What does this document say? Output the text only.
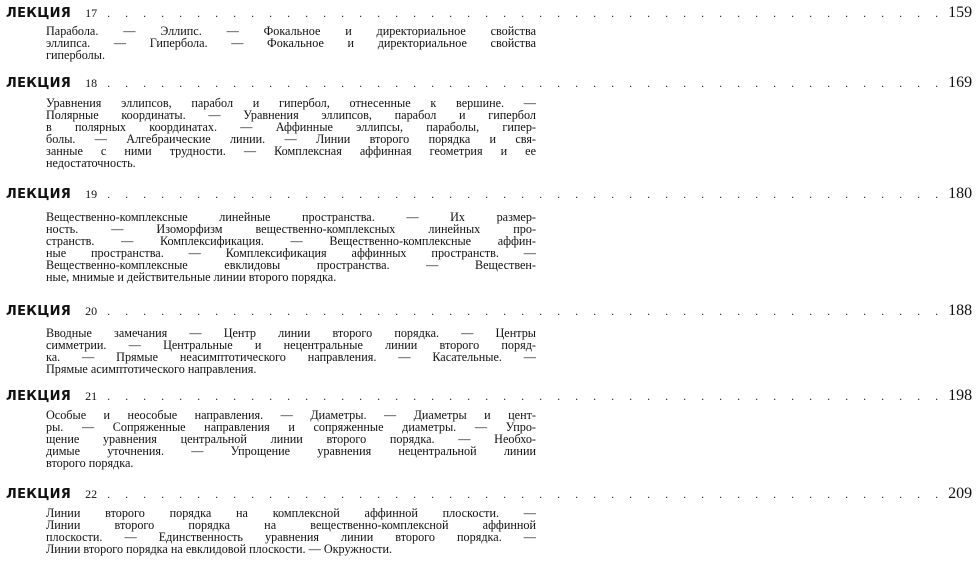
ЛЕКЦИЯ 17 . . . . . . . . . . . . . . . . . . . . . . . . . . . . . . . . . . . . . . . . . . . . . . . 159
Парабола. — Эллипс. — Фокальное и директориальное свойства
эллипса. — Гипербола. — Фокальное и директориальное свойства
гиперболы.
ЛЕКЦИЯ 18 . . . . . . . . . . . . . . . . . . . . . . . . . . . . . . . . . . . . . . . . . . . . . . . 169
Уравнения эллипсов, парабол и гипербол, отнесенные к вершине. —
Полярные координаты. — Уравнения эллипсов, парабол и гипербол
в полярных координатах. — Аффинные эллипсы, параболы, гипер-
болы. — Алгебраические линии. — Линии второго порядка и свя-
занные с ними трудности. — Комплексная аффинная геометрия и ее
недостаточность.
ЛЕКЦИЯ 19 . . . . . . . . . . . . . . . . . . . . . . . . . . . . . . . . . . . . . . . . . . . . . . . 180
Вещественно-комплексные линейные пространства. — Их размер-
ность. — Изоморфизм вещественно-комплексных линейных про-
странств. — Комплексификация. — Вещественно-комплексные аффин-
ные пространства. — Комплексификация аффинных пространств. —
Вещественно-комплексные евклидовы пространства. — Веществен-
ные, мнимые и действительные линии второго порядка.
ЛЕКЦИЯ 20 . . . . . . . . . . . . . . . . . . . . . . . . . . . . . . . . . . . . . . . . . . . . . . . 188
Вводные замечания — Центр линии второго порядка. — Центры
симметрии. — Центральные и нецентральные линии второго поряд-
ка. — Прямые неасимптотического направления. — Касательные. —
Прямые асимптотического направления.
ЛЕКЦИЯ 21 . . . . . . . . . . . . . . . . . . . . . . . . . . . . . . . . . . . . . . . . . . . . . . . 198
Особые и неособые направления. — Диаметры. — Диаметры и цент-
ры. — Сопряженные направления и сопряженные диаметры. — Упро-
щение уравнения центральной линии второго порядка. — Необхо-
димые уточнения. — Упрощение уравнения нецентральной линии
второго порядка.
ЛЕКЦИЯ 22 . . . . . . . . . . . . . . . . . . . . . . . . . . . . . . . . . . . . . . . . . . . . . . . 209
Линии второго порядка на комплексной аффинной плоскости. —
Линии второго порядка на вещественно-комплексной аффинной
плоскости. — Единственность уравнения линии второго порядка. —
Линии второго порядка на евклидовой плоскости. — Окружности.
